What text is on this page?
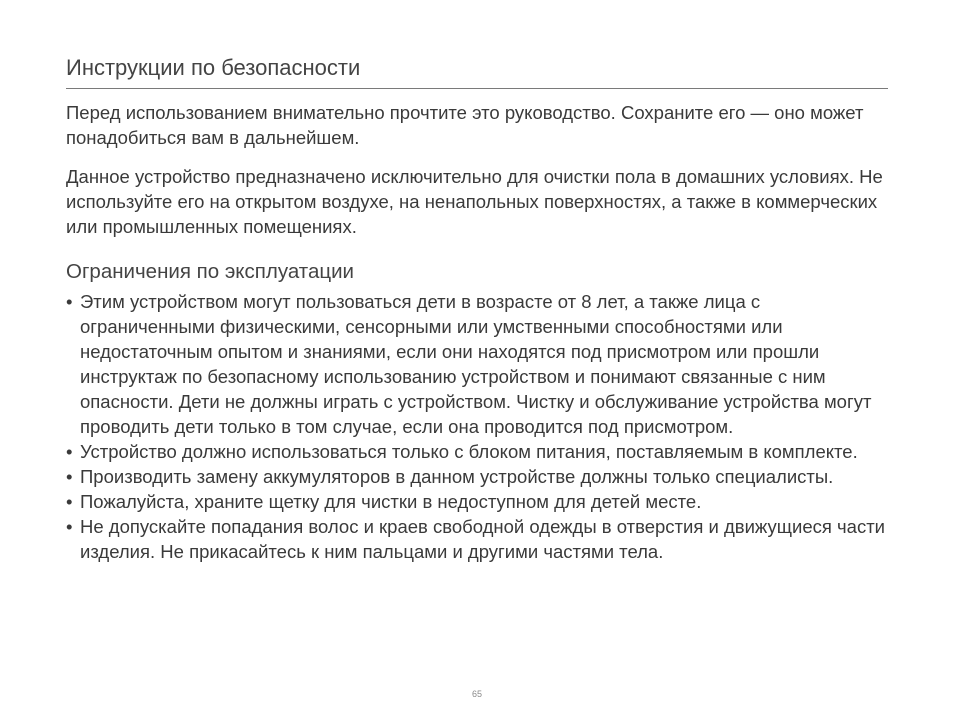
Инструкции по безопасности

Перед использованием внимательно прочтите это руководство. Сохраните его — оно может понадобиться вам в дальнейшем.

Данное устройство предназначено исключительно для очистки пола в домашних условиях. Не используйте его на открытом воздухе, на ненапольных поверхностях, а также в коммерческих или промышленных помещениях.

Ограничения по эксплуатации
• Этим устройством могут пользоваться дети в возрасте от 8 лет, а также лица с ограниченными физическими, сенсорными или умственными способностями или недостаточным опытом и знаниями, если они находятся под присмотром или прошли инструктаж по безопасному использованию устройством и понимают связанные с ним опасности. Дети не должны играть с устройством. Чистку и обслуживание устройства могут проводить дети только в том случае, если она проводится под присмотром.
• Устройство должно использоваться только с блоком питания, поставляемым в комплекте.
• Производить замену аккумуляторов в данном устройстве должны только специалисты.
• Пожалуйста, храните щетку для чистки в недоступном для детей месте.
• Не допускайте попадания волос и краев свободной одежды в отверстия и движущиеся части изделия. Не прикасайтесь к ним пальцами и другими частями тела.
65
